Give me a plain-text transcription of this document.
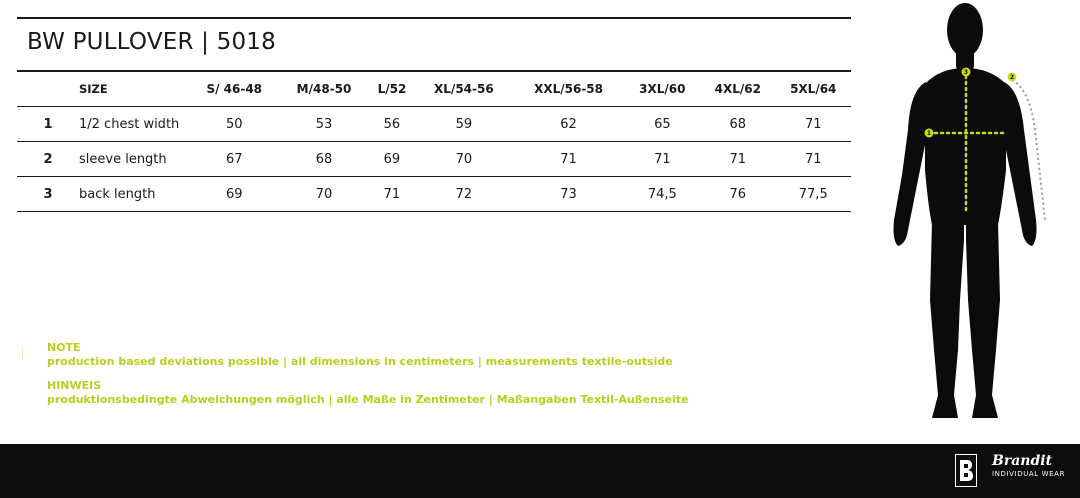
BW PULLOVER | 5018
	SIZE	S/ 46-48	M/48-50	L/52	XL/54-56	XXL/56-58	3XL/60	4XL/62	5XL/64
1	1/2 chest width	50	53	56	59	62	65	68	71
2	sleeve length	67	68	69	70	71	71	71	71
3	back length	69	70	71	72	73	74,5	76	77,5
NOTE
production based deviations possible | all dimensions in centimeters | measurements textile-outside
HINWEIS
produktionsbedingte Abweichungen möglich | alle Maße in Zentimeter | Maßangaben Textil-Außenseite
1
2
3
Brandit
INDIVIDUAL WEAR
